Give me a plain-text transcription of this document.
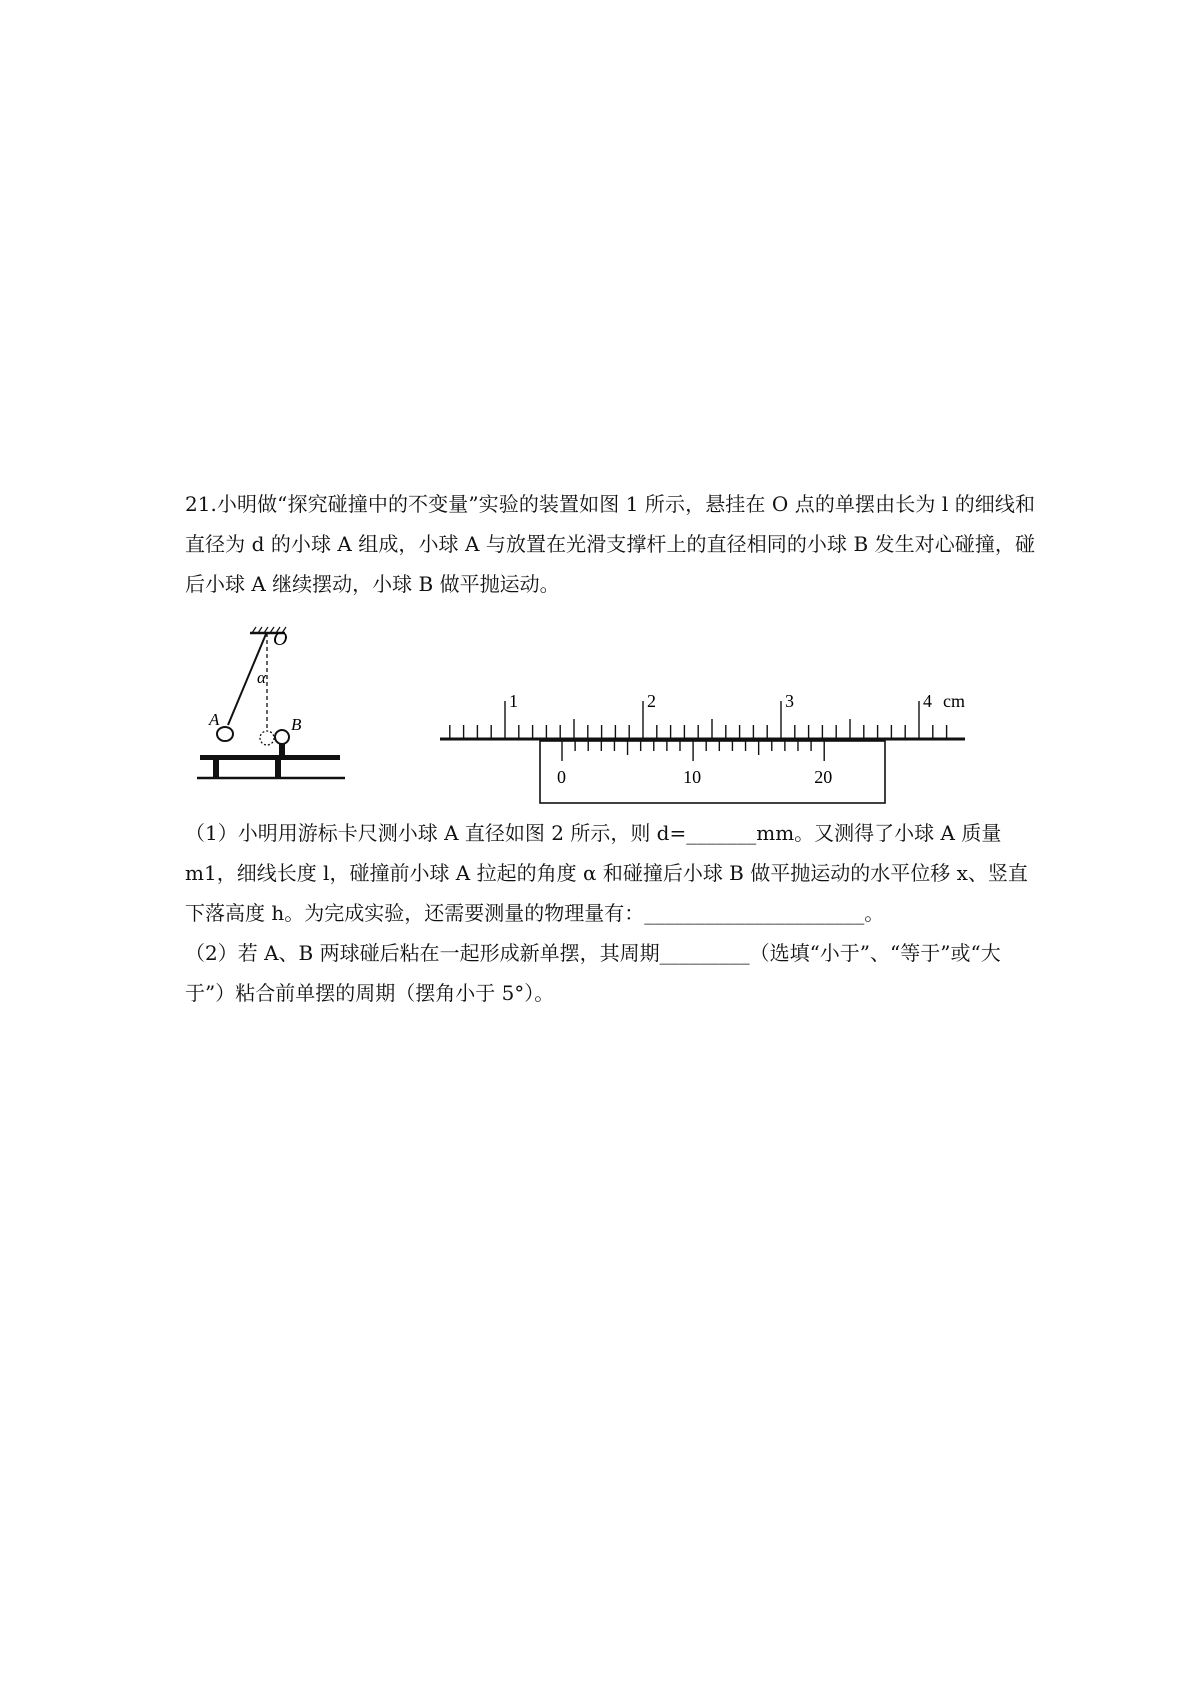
21.小明做“探究碰撞中的不变量”实验的装置如图 1 所示，悬挂在 O 点的单摆由长为 l 的细线和直径为 d 的小球 A 组成，小球 A 与放置在光滑支撑杆上的直径相同的小球 B 发生对心碰撞，碰后小球 A 继续摆动，小球 B 做平抛运动。

O
α
A	B
1	2	3	4 cm
0	10	20

（1）小明用游标卡尺测小球 A 直径如图 2 所示，则 d=_______mm。又测得了小球 A 质量 m1，细线长度 l，碰撞前小球 A 拉起的角度 α 和碰撞后小球 B 做平抛运动的水平位移 x、竖直下落高度 h。为完成实验，还需要测量的物理量有：______________________。

（2）若 A、B 两球碰后粘在一起形成新单摆，其周期_________（选填“小于”、“等于”或“大于”）粘合前单摆的周期（摆角小于 5°）。
